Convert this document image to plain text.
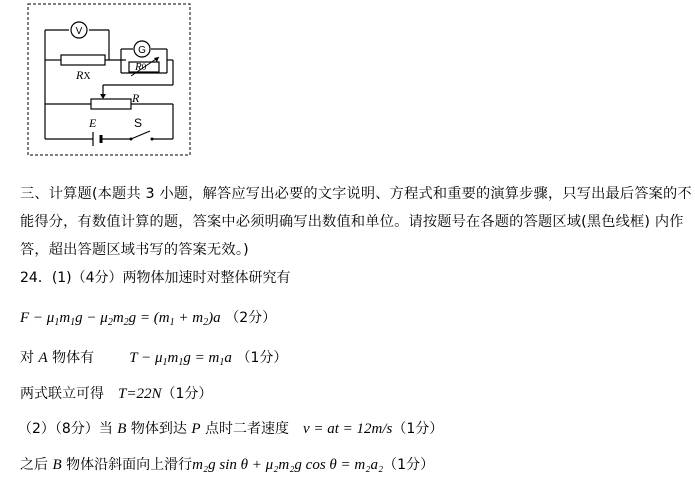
V
RX
G
R0
R
E	S
三、计算题(本题共 3 小题，解答应写出必要的文字说明、方程式和重要的演算步骤，只写出最后答案的不
能得分，有数值计算的题，答案中必须明确写出数值和单位。请按题号在各题的答题区域(黑色线框) 内作
答，超出答题区域书写的答案无效。)
24．(1)（4分）两物体加速时对整体研究有
$F - \mu_1m_1g - \mu_2m_2g = (m_1 + m_2)a$ （2分）
对 A 物体有 $T - \mu_1m_1g = m_1a$ （1分）
两式联立可得 T=22N（1分）
（2）（8分）当 B 物体到达 P 点时二者速度 v = at = 12m/s（1分）
之后 B 物体沿斜面向上滑行m₂g sin θ + μ₂m₂g cos θ = m₂a₂（1分）
